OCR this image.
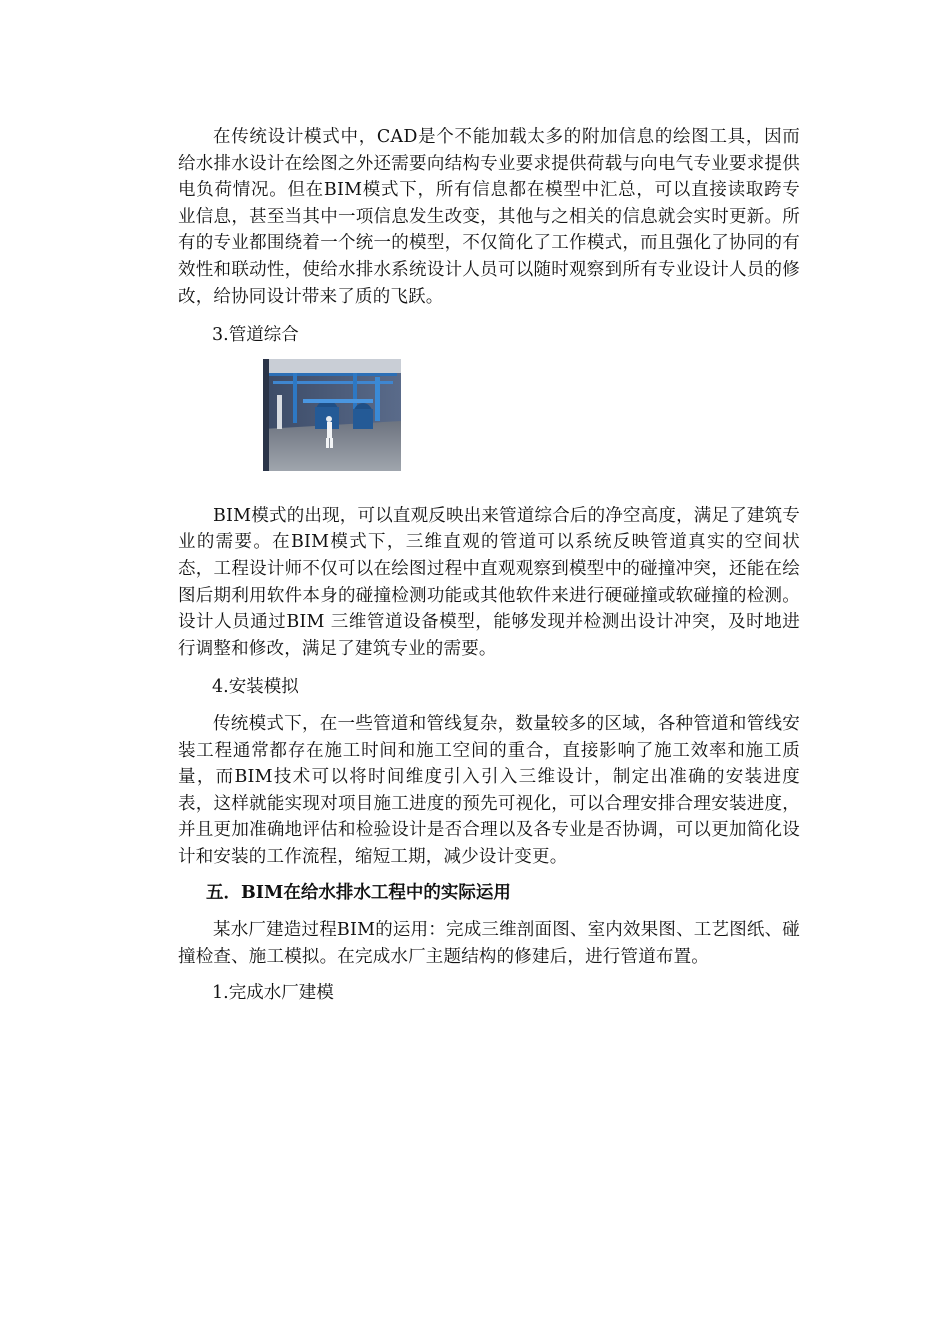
在传统设计模式中，CAD是个不能加载太多的附加信息的绘图工具，因而给水排水设计在绘图之外还需要向结构专业要求提供荷载与向电气专业要求提供电负荷情况。但在BIM模式下，所有信息都在模型中汇总，可以直接读取跨专业信息，甚至当其中一项信息发生改变，其他与之相关的信息就会实时更新。所有的专业都围绕着一个统一的模型，不仅简化了工作模式，而且强化了协同的有效性和联动性，使给水排水系统设计人员可以随时观察到所有专业设计人员的修改，给协同设计带来了质的飞跃。

3.管道综合

BIM模式的出现，可以直观反映出来管道综合后的净空高度，满足了建筑专业的需要。在BIM模式下，三维直观的管道可以系统反映管道真实的空间状态，工程设计师不仅可以在绘图过程中直观观察到模型中的碰撞冲突，还能在绘图后期利用软件本身的碰撞检测功能或其他软件来进行硬碰撞或软碰撞的检测。设计人员通过BIM 三维管道设备模型，能够发现并检测出设计冲突，及时地进行调整和修改，满足了建筑专业的需要。

4.安装模拟

传统模式下，在一些管道和管线复杂，数量较多的区域，各种管道和管线安装工程通常都存在施工时间和施工空间的重合，直接影响了施工效率和施工质量，而BIM技术可以将时间维度引入引入三维设计，制定出准确的安装进度表，这样就能实现对项目施工进度的预先可视化，可以合理安排合理安装进度，并且更加准确地评估和检验设计是否合理以及各专业是否协调，可以更加简化设计和安装的工作流程，缩短工期，减少设计变更。

五．BIM在给水排水工程中的实际运用

某水厂建造过程BIM的运用：完成三维剖面图、室内效果图、工艺图纸、碰撞检查、施工模拟。在完成水厂主题结构的修建后，进行管道布置。

1.完成水厂建模
